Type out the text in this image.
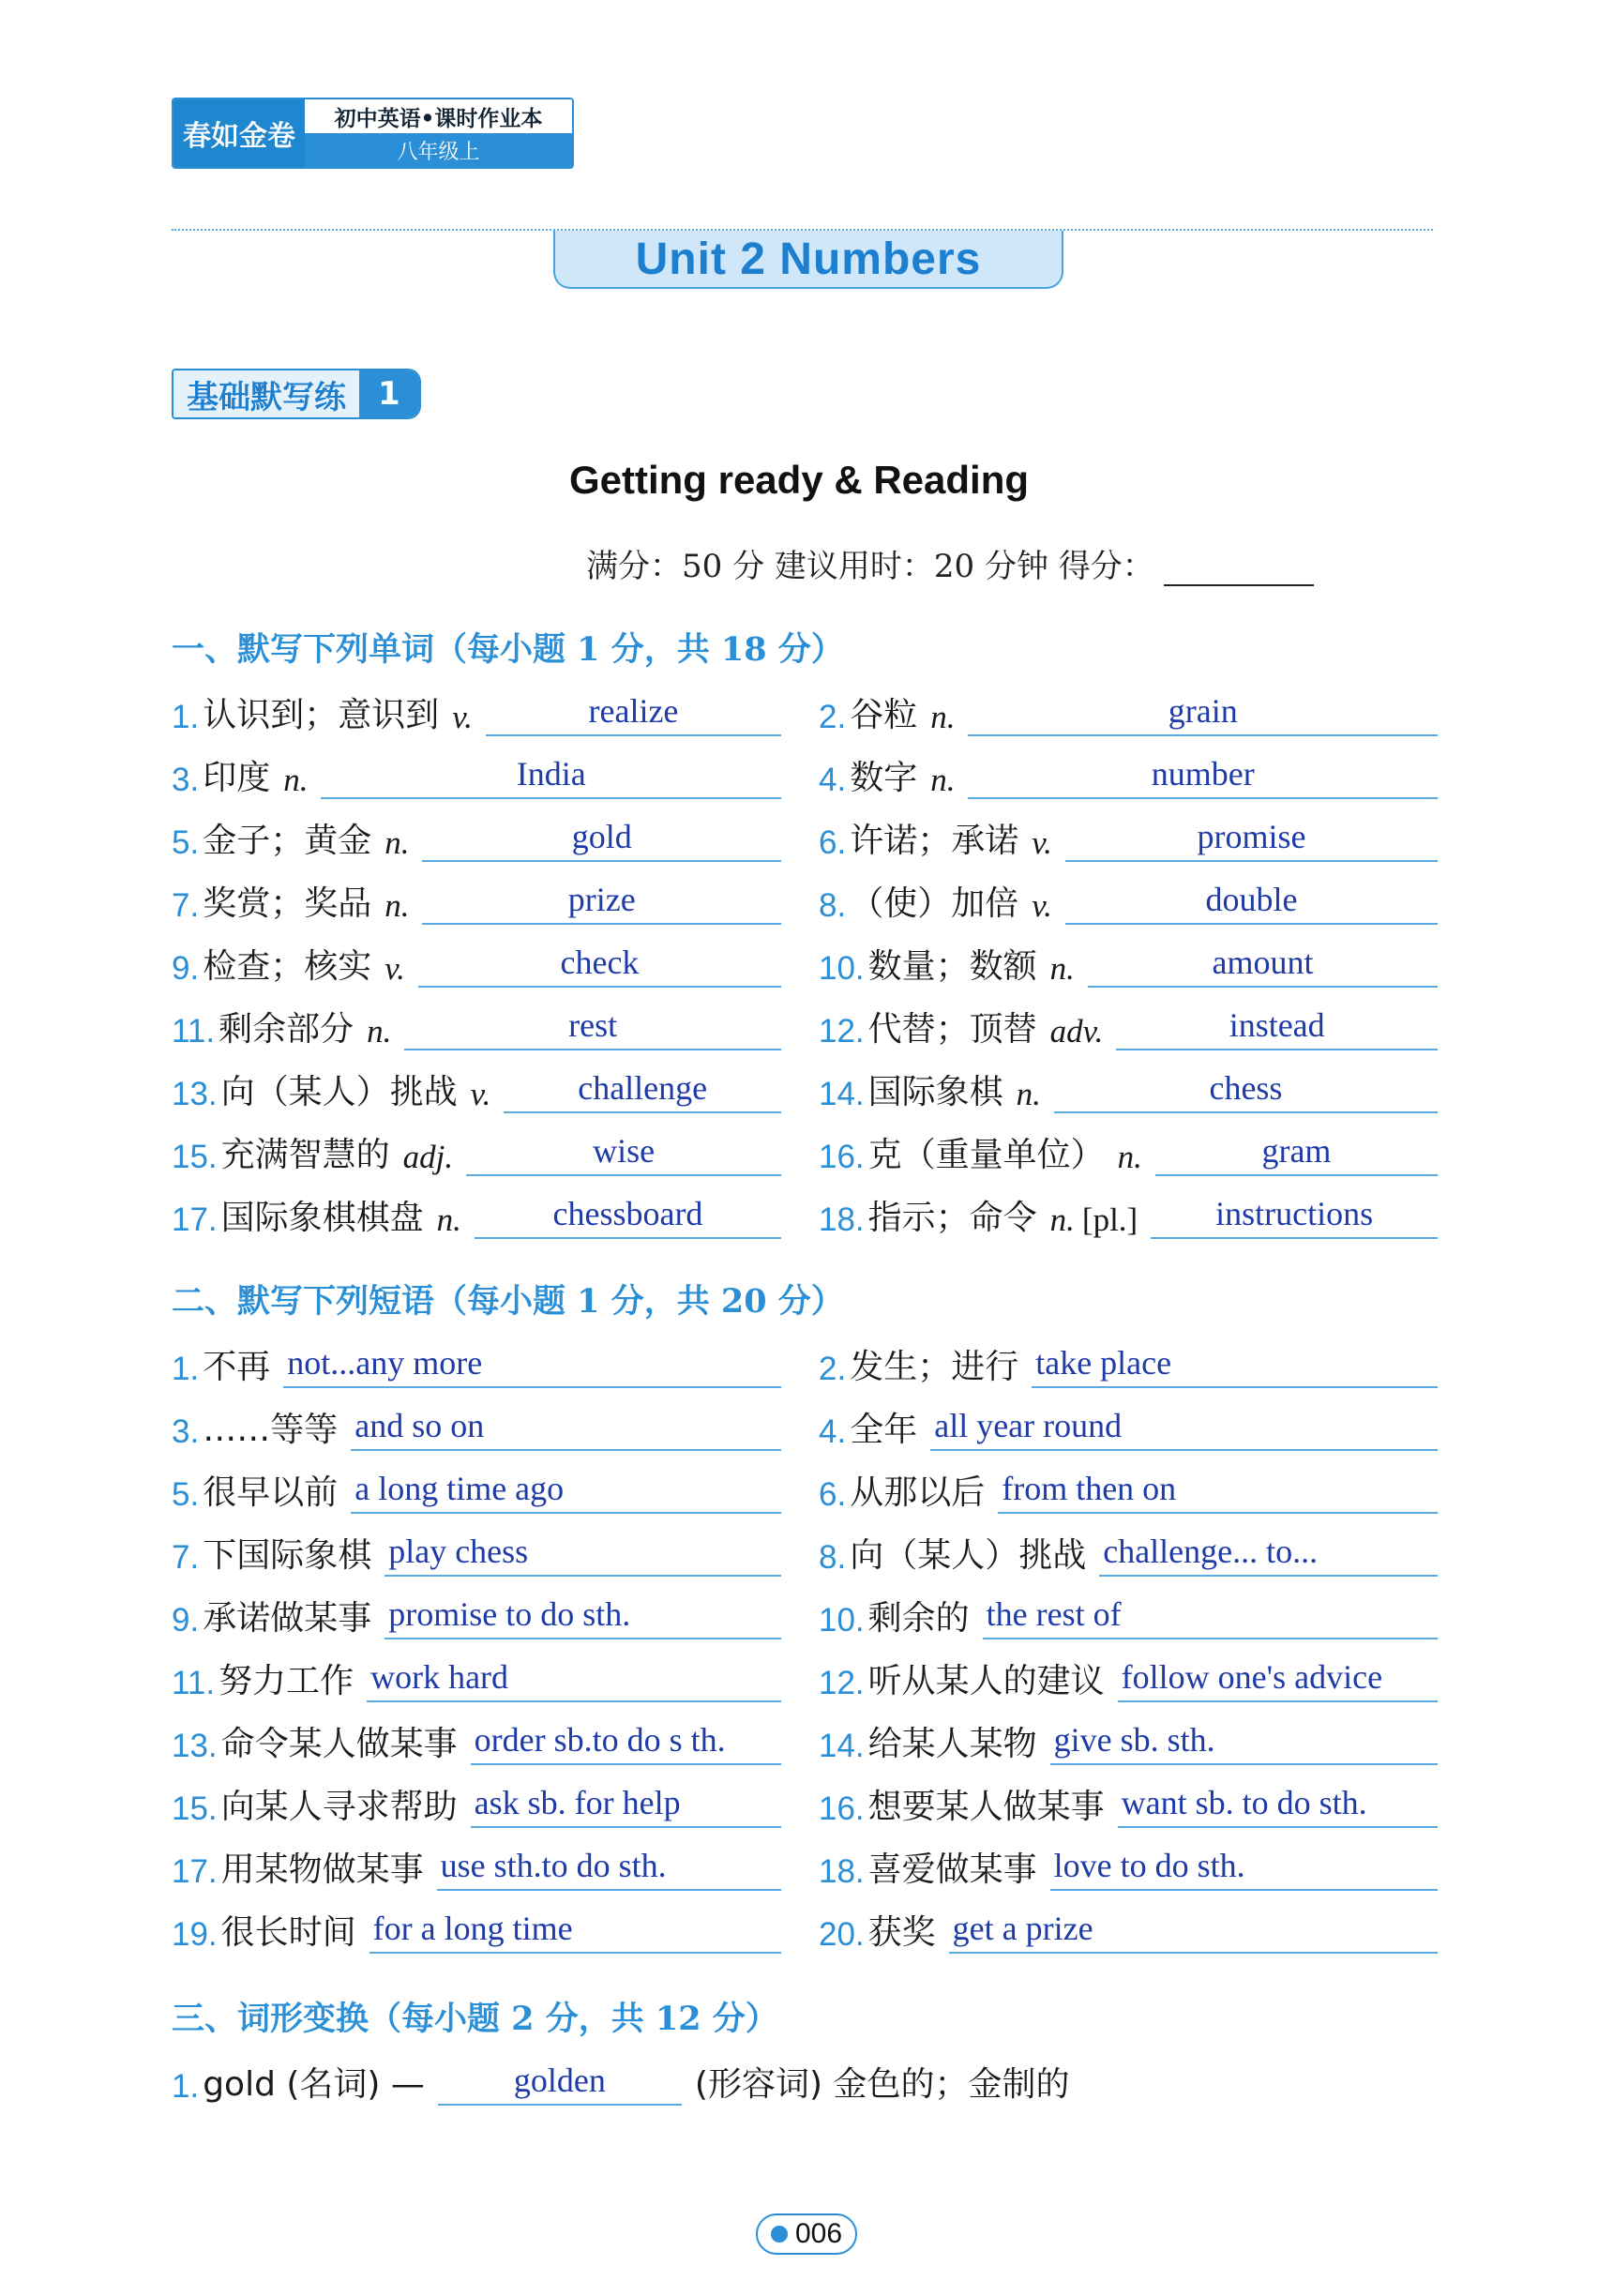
春如金卷
初中英语•课时作业本
八年级上
Unit 2 Numbers
基础默写练	1
Getting ready & Reading
满分：50 分 建议用时：20 分钟 得分：
一、默写下列单词（每小题 1 分，共 18 分）
1. 认识到；意识到 v.	realize	2. 谷粒 n.	grain
3. 印度 n.	India	4. 数字 n.	number
5. 金子；黄金 n.	gold	6. 许诺；承诺 v.	promise
7. 奖赏；奖品 n.	prize	8. （使）加倍 v.	double
9. 检查；核实 v.	check	10. 数量；数额 n.	amount
11. 剩余部分 n.	rest	12. 代替；顶替 adv.	instead
13. 向（某人）挑战 v.	challenge	14. 国际象棋 n.	chess
15. 充满智慧的 adj.	wise	16. 克（重量单位） n.	gram
17. 国际象棋棋盘 n.	chessboard	18. 指示；命令 n. [pl.]	instructions
二、默写下列短语（每小题 1 分，共 20 分）
1. 不再 not...any more	2. 发生；进行 take place
3. ……等等 and so on	4. 全年 all year round
5. 很早以前 a long time ago	6. 从那以后 from then on
7. 下国际象棋 play chess	8. 向（某人）挑战 challenge... to...
9. 承诺做某事 promise to do sth.	10. 剩余的 the rest of
11. 努力工作 work hard	12. 听从某人的建议 follow one's advice
13. 命令某人做某事 order sb.to do s th.	14. 给某人某物 give sb. sth.
15. 向某人寻求帮助 ask sb. for help	16. 想要某人做某事 want sb. to do sth.
17. 用某物做某事 use sth.to do sth.	18. 喜爱做某事 love to do sth.
19. 很长时间 for a long time	20. 获奖 get a prize
三、词形变换（每小题 2 分，共 12 分）
1. gold (名词) —	golden	(形容词) 金色的；金制的
006
